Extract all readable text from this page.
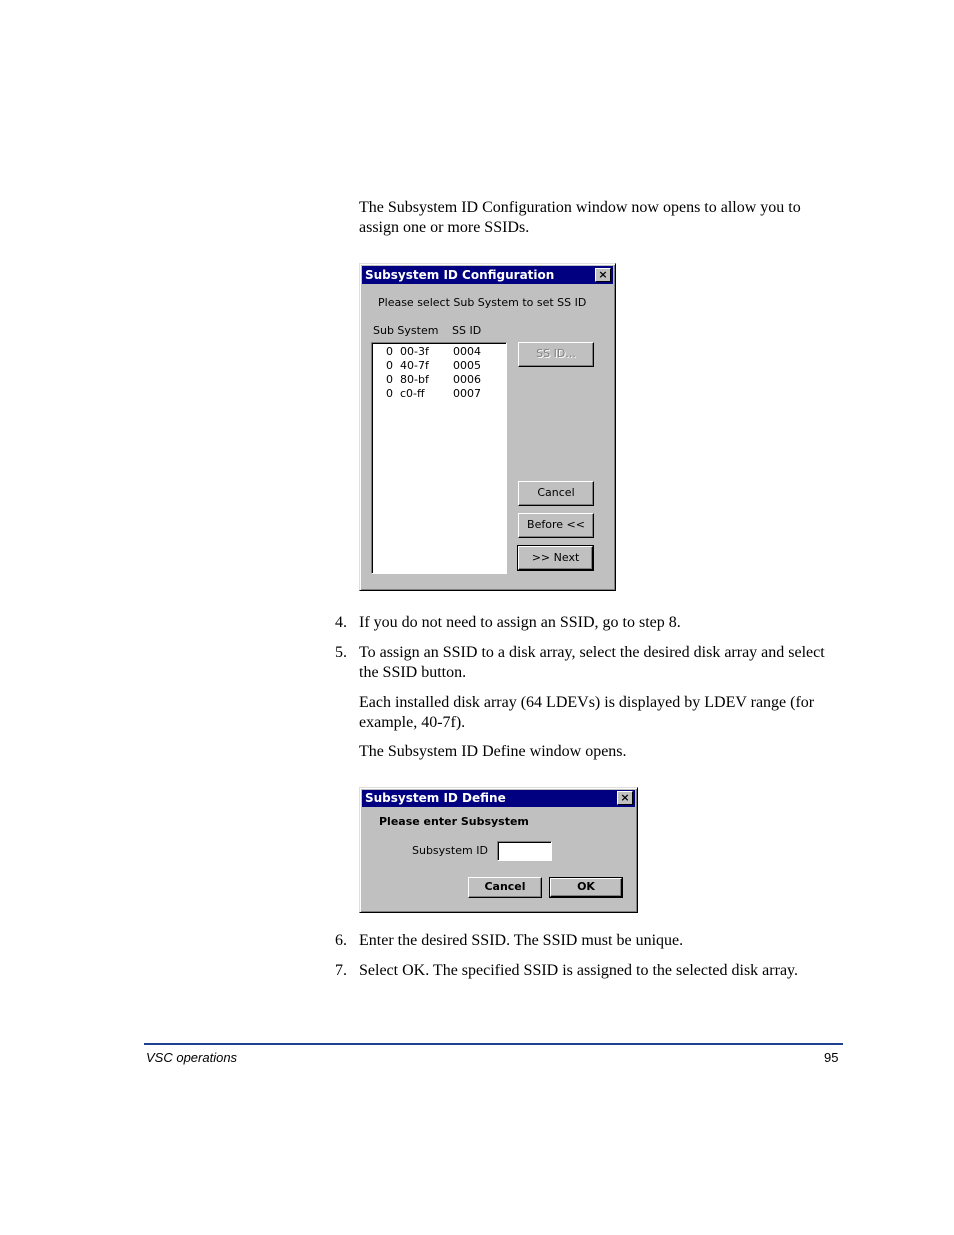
The Subsystem ID Configuration window now opens to allow you to assign one or more SSIDs.
Subsystem ID Configuration	×
Please select Sub System to set SS ID
Sub System SS ID
0 00-3f 0004
0 40-7f 0005
0 80-bf 0006
0 c0-ff	0007
SS ID...
Cancel
Before <<
>> Next
4. If you do not need to assign an SSID, go to step 8.
5. To assign an SSID to a disk array, select the desired disk array and select the SSID button.
Each installed disk array (64 LDEVs) is displayed by LDEV range (for example, 40-7f).
The Subsystem ID Define window opens.
Subsystem ID Define	×
Please enter Subsystem
Subsystem ID
Cancel	OK
6. Enter the desired SSID. The SSID must be unique.
7. Select OK. The specified SSID is assigned to the selected disk array.
VSC operations	95
